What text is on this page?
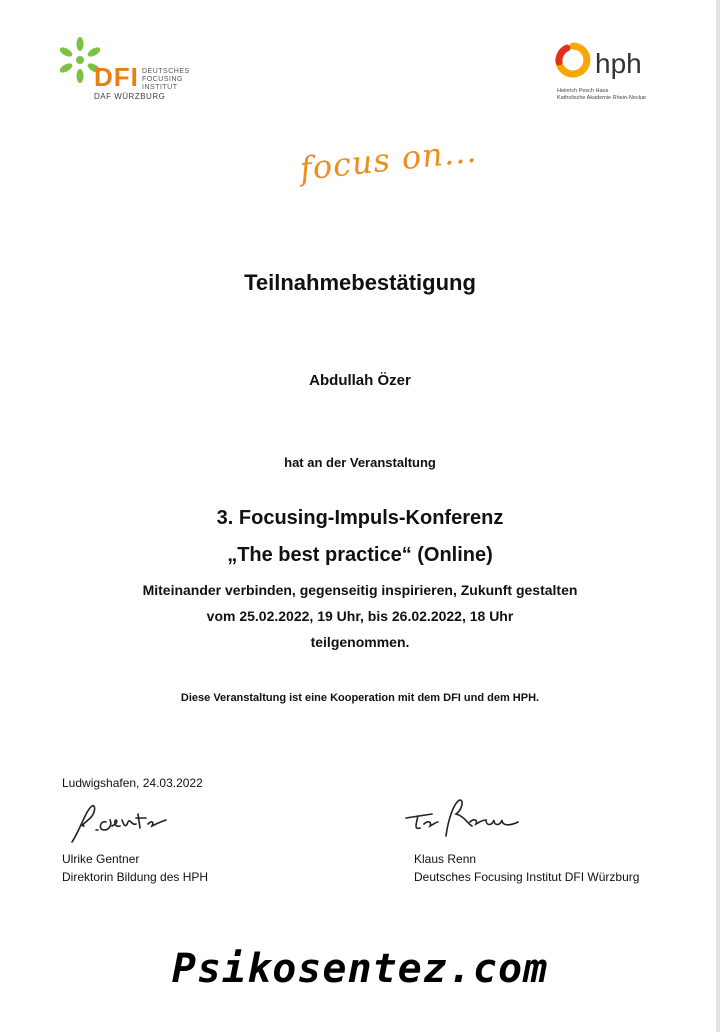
DFI DEUTSCHES
FOCUSING
INSTITUT
DAF WÜRZBURG
hph
Heinrich Pesch Haus
Katholische Akademie Rhein-Neckar
focus on...
Teilnahmebestätigung
Abdullah Özer
hat an der Veranstaltung
3. Focusing-Impuls-Konferenz
„The best practice“ (Online)
Miteinander verbinden, gegenseitig inspirieren, Zukunft gestalten
vom 25.02.2022, 19 Uhr, bis 26.02.2022, 18 Uhr
teilgenommen.
Diese Veranstaltung ist eine Kooperation mit dem DFI und dem HPH.
Ludwigshafen, 24.03.2022
Ulrike Gentner
Direktorin Bildung des HPH
Klaus Renn
Deutsches Focusing Institut DFI Würzburg
Psikosentez.com
